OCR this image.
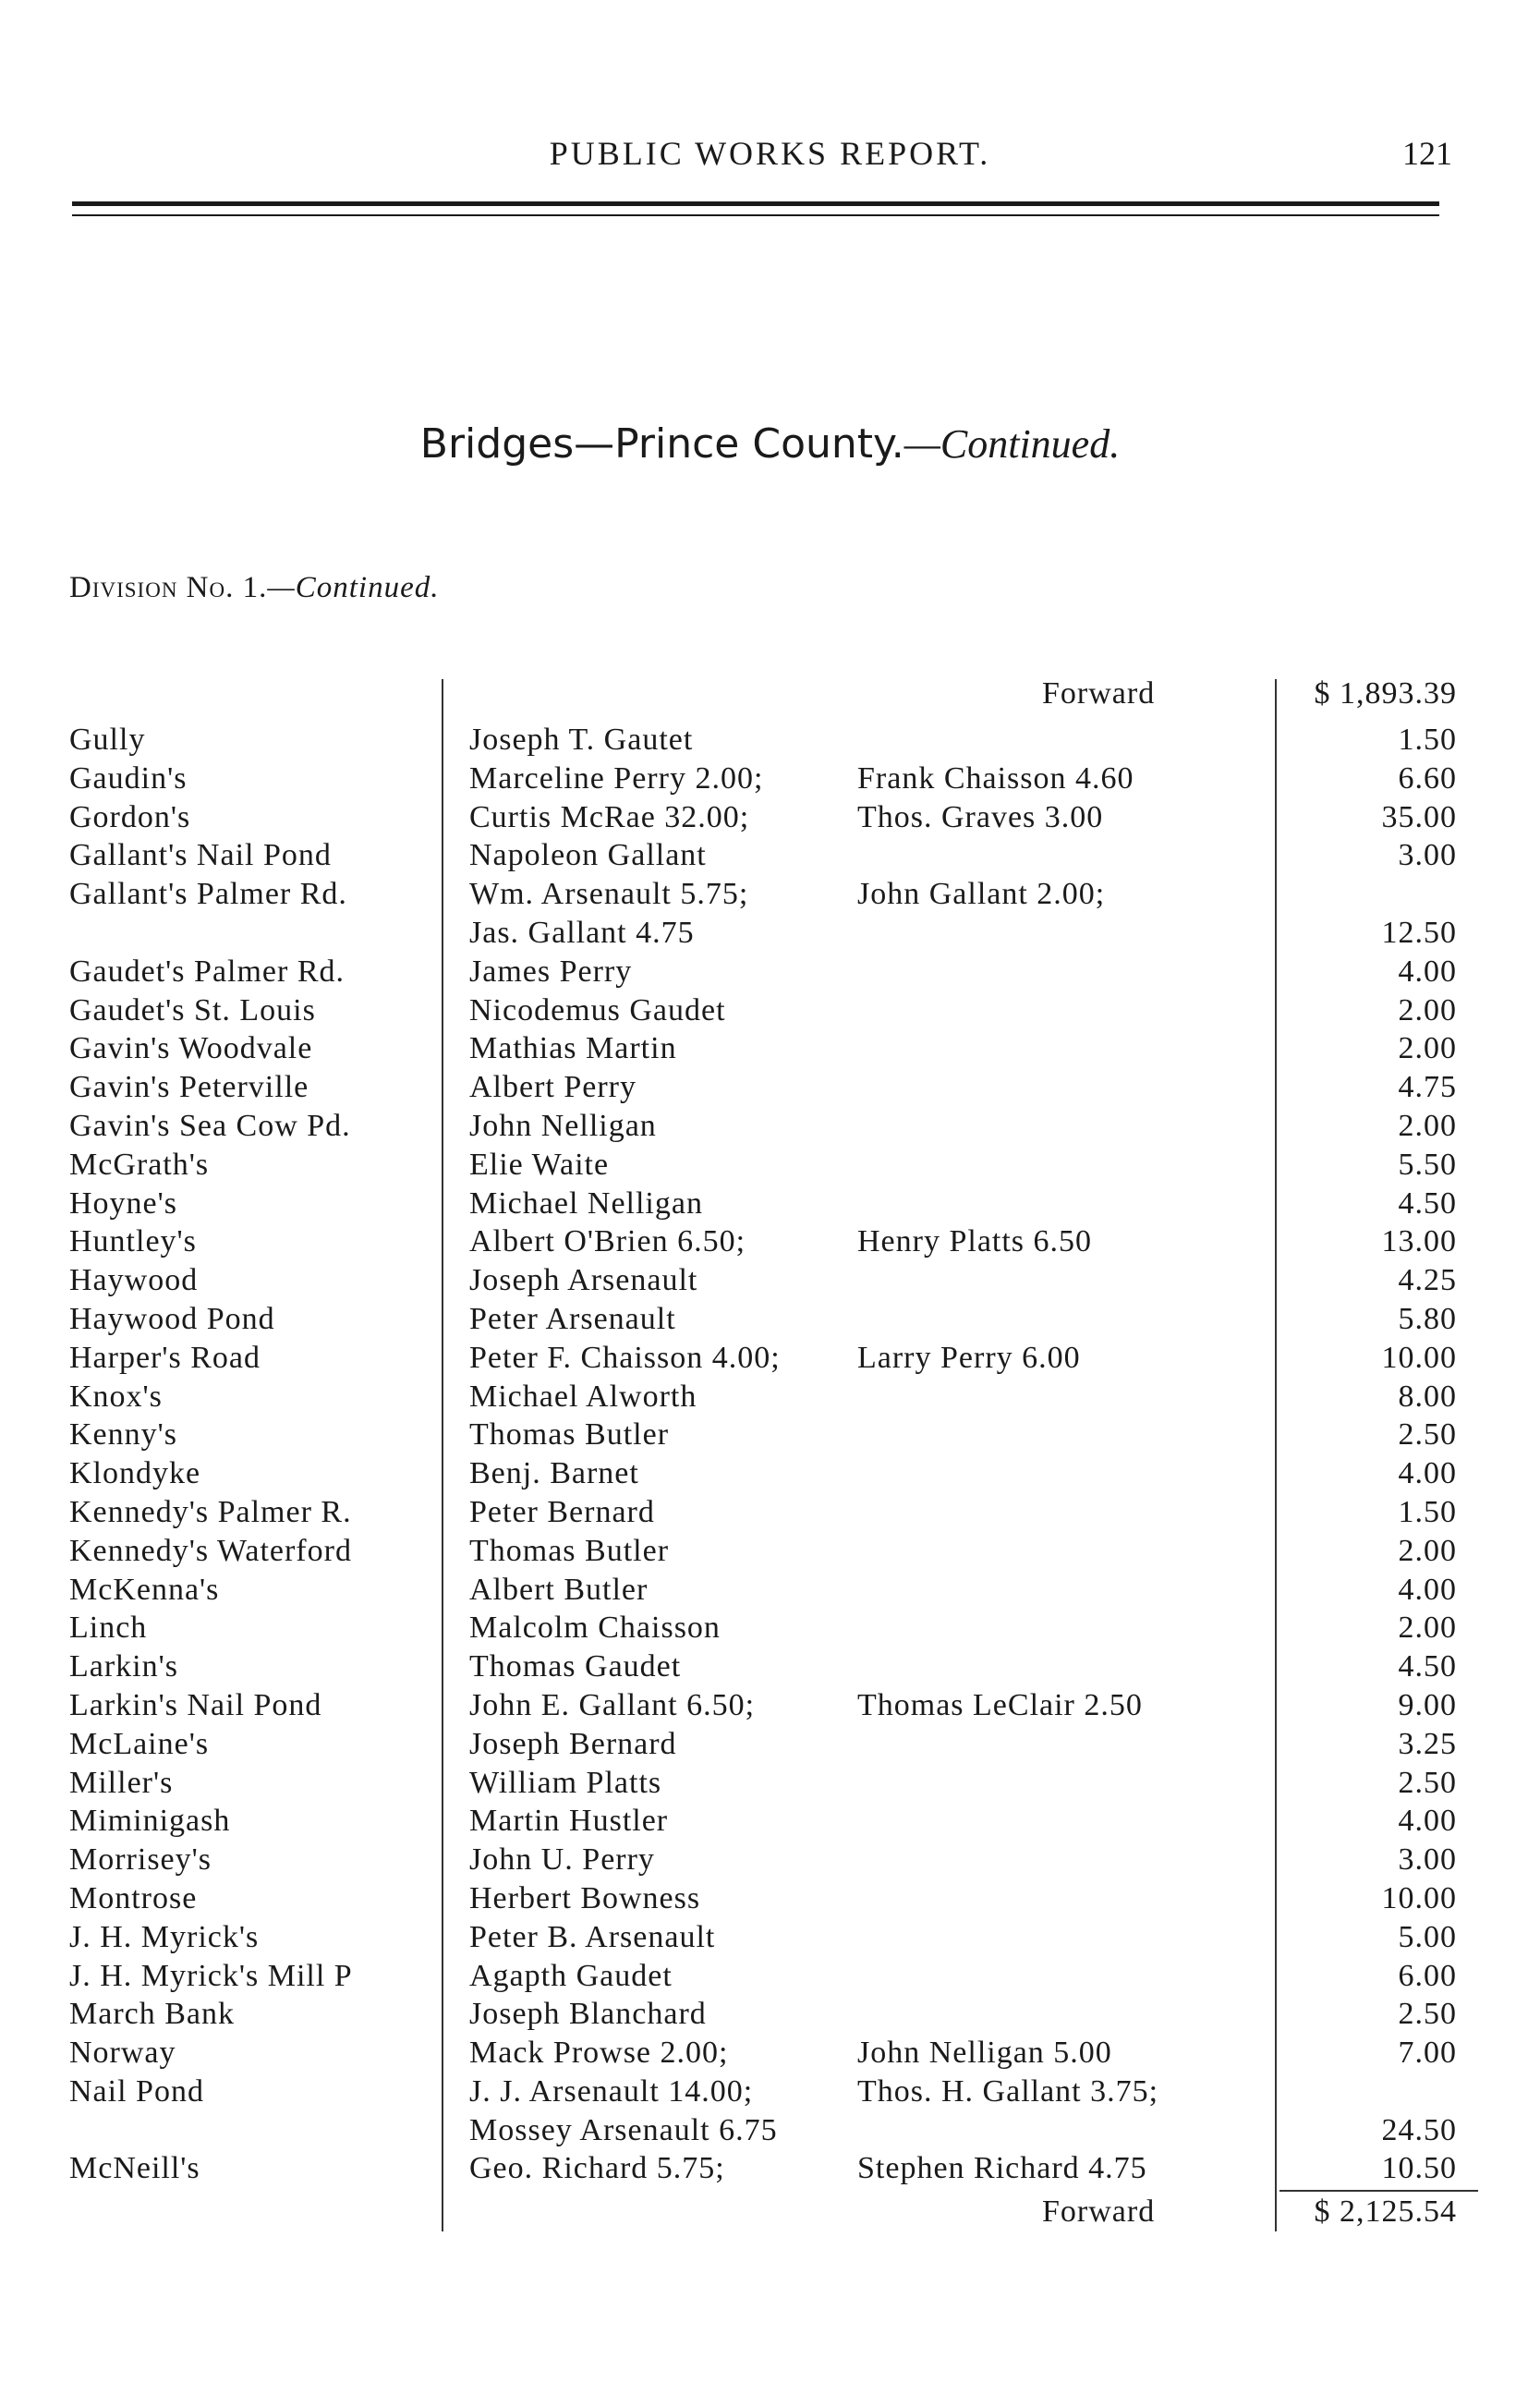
PUBLIC WORKS REPORT.	121
Bridges—Prince County.—Continued.
Division No. 1.—Continued.
Forward	$ 1,893.39
Gully	Joseph T. Gautet	1.50
Gaudin's	Marceline Perry 2.00;	Frank Chaisson 4.60	6.60
Gordon's	Curtis McRae 32.00;	Thos. Graves 3.00	35.00
Gallant's Nail Pond	Napoleon Gallant	3.00
Gallant's Palmer Rd.	Wm. Arsenault 5.75;	John Gallant 2.00;
Jas. Gallant 4.75	12.50
Gaudet's Palmer Rd.	James Perry	4.00
Gaudet's St. Louis	Nicodemus Gaudet	2.00
Gavin's Woodvale	Mathias Martin	2.00
Gavin's Peterville	Albert Perry	4.75
Gavin's Sea Cow Pd.	John Nelligan	2.00
McGrath's	Elie Waite	5.50
Hoyne's	Michael Nelligan	4.50
Huntley's	Albert O'Brien 6.50;	Henry Platts 6.50	13.00
Haywood	Joseph Arsenault	4.25
Haywood Pond	Peter Arsenault	5.80
Harper's Road	Peter F. Chaisson 4.00; Larry Perry 6.00	10.00
Knox's	Michael Alworth	8.00
Kenny's	Thomas Butler	2.50
Klondyke	Benj. Barnet	4.00
Kennedy's Palmer R.	Peter Bernard	1.50
Kennedy's Waterford	Thomas Butler	2.00
McKenna's	Albert Butler	4.00
Linch	Malcolm Chaisson	2.00
Larkin's	Thomas Gaudet	4.50
Larkin's Nail Pond	John E. Gallant 6.50;	Thomas LeClair 2.50	9.00
McLaine's	Joseph Bernard	3.25
Miller's	William Platts	2.50
Miminigash	Martin Hustler	4.00
Morrisey's	John U. Perry	3.00
Montrose	Herbert Bowness	10.00
J. H. Myrick's	Peter B. Arsenault	5.00
J. H. Myrick's Mill P	Agapth Gaudet	6.00
March Bank	Joseph Blanchard	2.50
Norway	Mack Prowse 2.00;	John Nelligan 5.00	7.00
Nail Pond	J. J. Arsenault 14.00;	Thos. H. Gallant 3.75;
Mossey Arsenault 6.75	24.50
McNeill's	Geo. Richard 5.75;	Stephen Richard 4.75	10.50
Forward	$ 2,125.54
